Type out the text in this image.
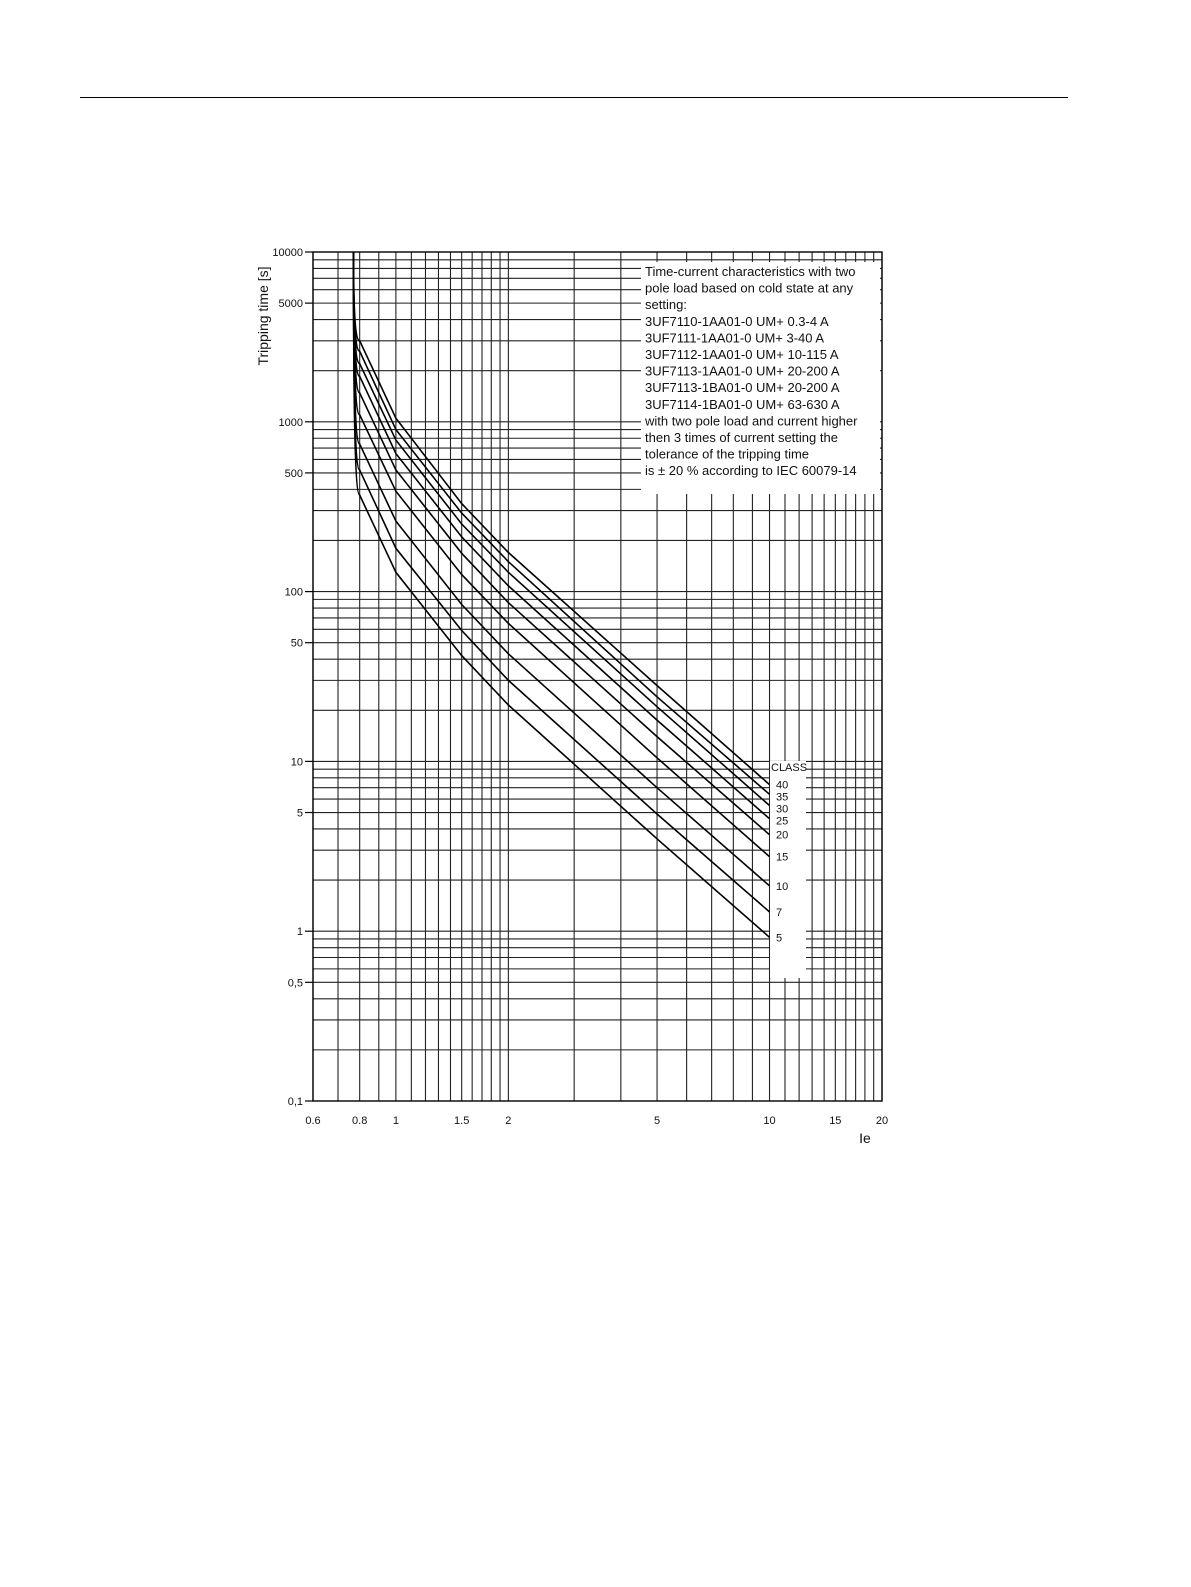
10000
5000
1000
500
100
50
10
5
1
0,5
0,1
0.6	0.8 1	1.5	2	5	10	15	20
Tripping time [s]
Ie
Time-current characteristics with two
pole load based on cold state at any
setting:
3UF7110-1AA01-0 UM+ 0.3-4 A
3UF7111-1AA01-0 UM+ 3-40 A
3UF7112-1AA01-0 UM+ 10-115 A
3UF7113-1AA01-0 UM+ 20-200 A
3UF7113-1BA01-0 UM+ 20-200 A
3UF7114-1BA01-0 UM+ 63-630 A
with two pole load and current higher
then 3 times of current setting the
tolerance of the tripping time
is ± 20 % according to IEC 60079-14
CLASS
40
35
30
25
20
15
10
7
5
